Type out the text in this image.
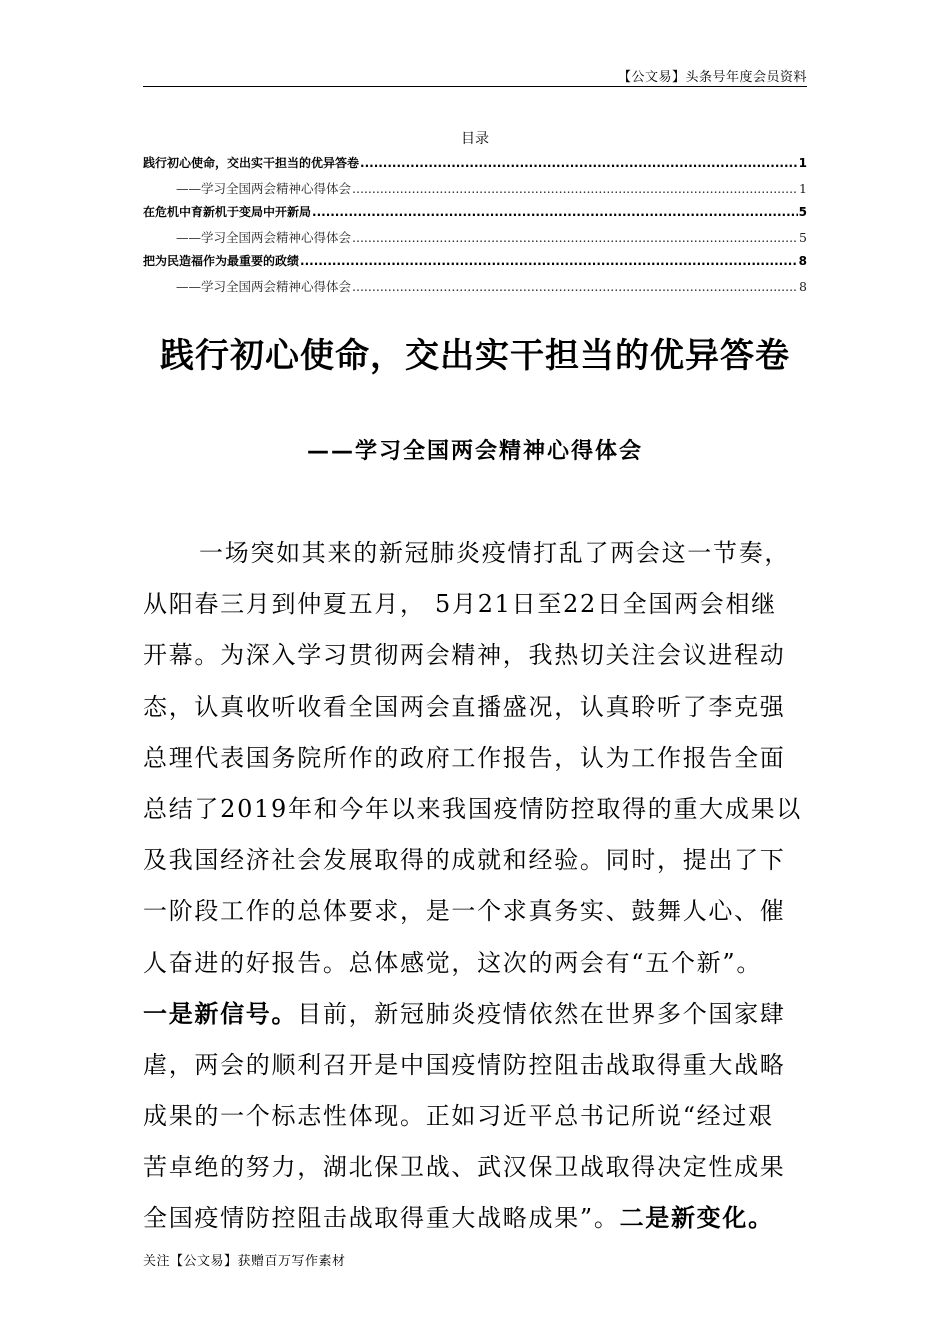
【公文易】头条号年度会员资料
目录
践行初心使命，交出实干担当的优异答卷 .....	1
——学习全国两会精神心得体会 .....	1
在危机中育新机于变局中开新局 .....	5
——学习全国两会精神心得体会 .....	5
把为民造福作为最重要的政绩 .....	8
——学习全国两会精神心得体会 .....	8
践行初心使命，交出实干担当的优异答卷
——学习全国两会精神心得体会
一场突如其来的新冠肺炎疫情打乱了两会这一节奏，
从阳春三月到仲夏五月， 5月21日至22日全国两会相继
开幕。为深入学习贯彻两会精神，我热切关注会议进程动
态，认真收听收看全国两会直播盛况，认真聆听了李克强
总理代表国务院所作的政府工作报告，认为工作报告全面
总结了2019年和今年以来我国疫情防控取得的重大成果以
及我国经济社会发展取得的成就和经验。同时，提出了下
一阶段工作的总体要求，是一个求真务实、鼓舞人心、催
人奋进的好报告。总体感觉，这次的两会有“五个新”。
一是新信号。目前，新冠肺炎疫情依然在世界多个国家肆
虐，两会的顺利召开是中国疫情防控阻击战取得重大战略
成果的一个标志性体现。正如习近平总书记所说“经过艰
苦卓绝的努力，湖北保卫战、武汉保卫战取得决定性成果
全国疫情防控阻击战取得重大战略成果”。二是新变化。
关注【公文易】获赠百万写作素材
